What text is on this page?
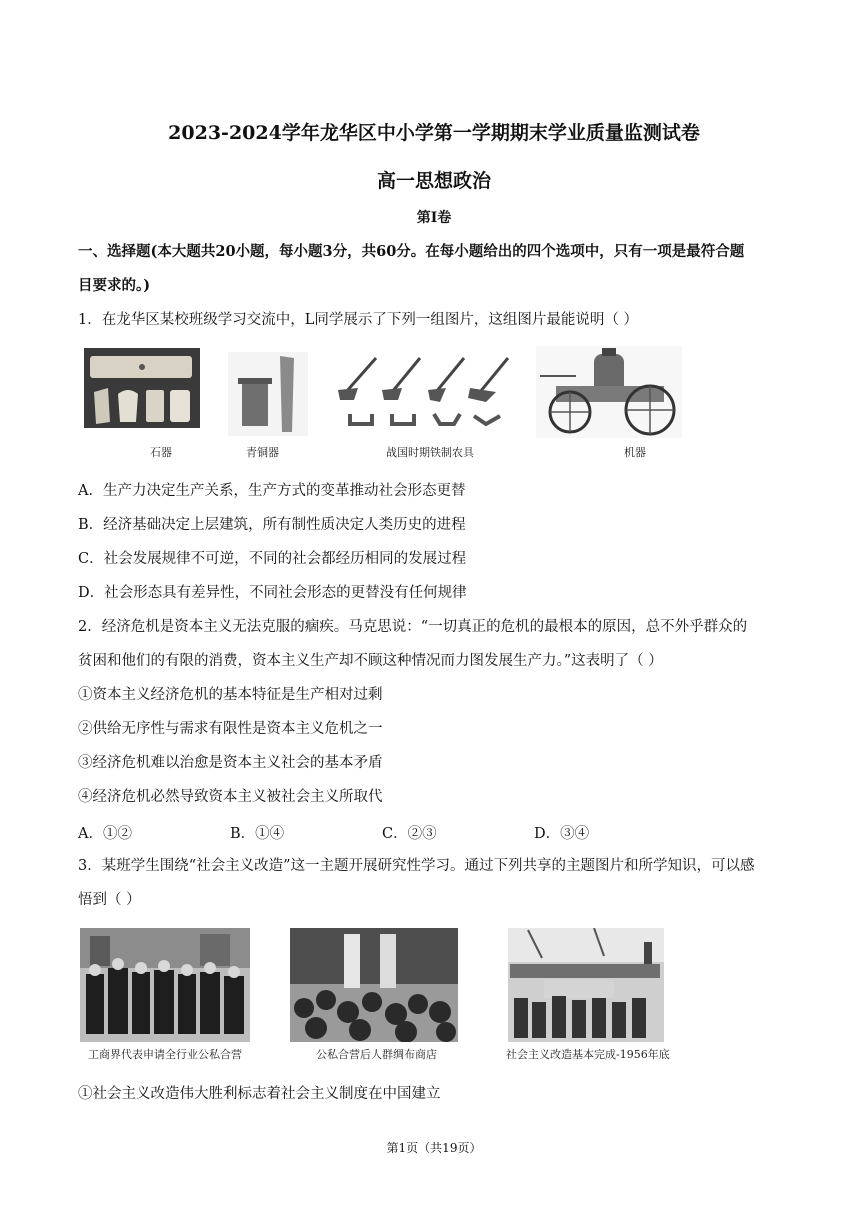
2023-2024学年龙华区中小学第一学期期末学业质量监测试卷
高一思想政治
第I卷
一、选择题(本大题共20小题，每小题3分，共60分。在每小题给出的四个选项中，只有一项是最符合题
目要求的。)
1．在龙华区某校班级学习交流中，L同学展示了下列一组图片，这组图片最能说明（ ）
石器	青铜器	战国时期铁制农具	机器
A．生产力决定生产关系，生产方式的变革推动社会形态更替
B．经济基础决定上层建筑，所有制性质决定人类历史的进程
C．社会发展规律不可逆，不同的社会都经历相同的发展过程
D．社会形态具有差异性，不同社会形态的更替没有任何规律
2．经济危机是资本主义无法克服的痼疾。马克思说：“一切真正的危机的最根本的原因，总不外乎群众的
贫困和他们的有限的消费，资本主义生产却不顾这种情况而力图发展生产力。”这表明了（ ）
①资本主义经济危机的基本特征是生产相对过剩
②供给无序性与需求有限性是资本主义危机之一
③经济危机难以治愈是资本主义社会的基本矛盾
④经济危机必然导致资本主义被社会主义所取代
A．①②	B．①④	C．②③	D．③④
3．某班学生围绕“社会主义改造”这一主题开展研究性学习。通过下列共享的主题图片和所学知识，可以感
悟到（ ）
工商界代表申请全行业公私合营	公私合营后人群绸布商店	社会主义改造基本完成-1956年底
①社会主义改造伟大胜利标志着社会主义制度在中国建立
第1页（共19页）
